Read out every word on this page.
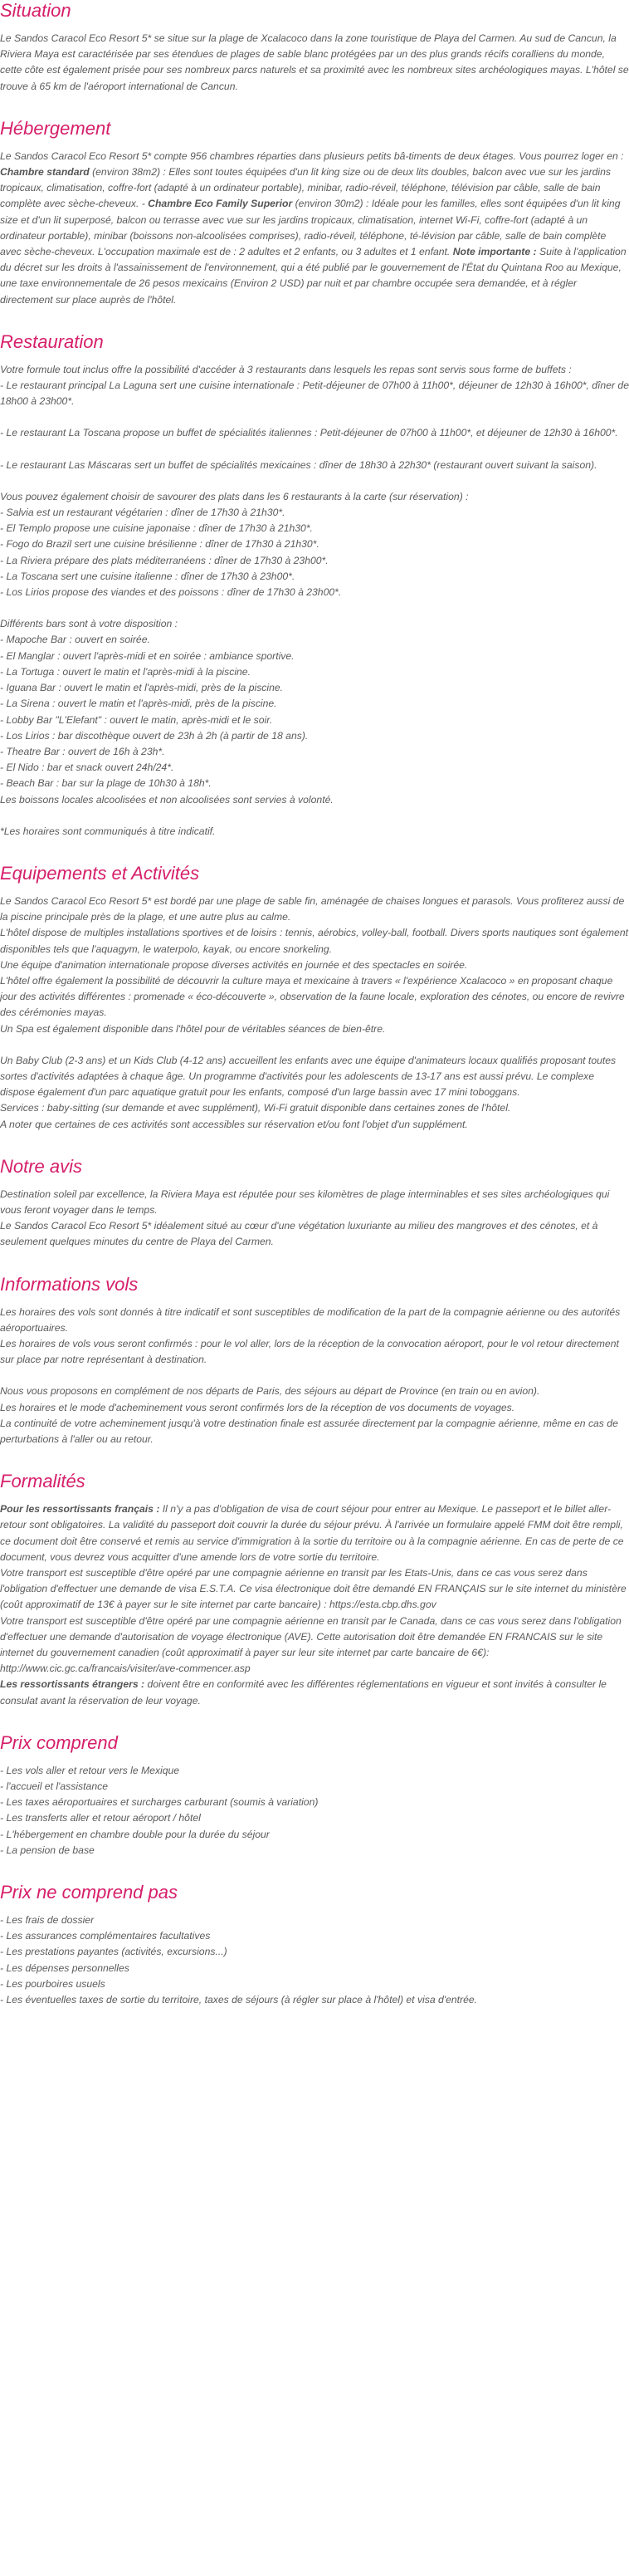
Situation

Le Sandos Caracol Eco Resort 5* se situe sur la plage de Xcalacoco dans la zone touristique de Playa del Carmen. Au sud de Cancun, la Riviera Maya est caractérisée par ses étendues de plages de sable blanc protégées par un des plus grands récifs coralliens du monde, cette côte est également prisée pour ses nombreux parcs naturels et sa proximité avec les nombreux sites archéologiques mayas. L'hôtel se trouve à 65 km de l'aéroport international de Cancun.

Hébergement

Le Sandos Caracol Eco Resort 5* compte 956 chambres réparties dans plusieurs petits bâ-timents de deux étages. Vous pourrez loger en : Chambre standard (environ 38m2) : Elles sont toutes équipées d'un lit king size ou de deux lits doubles, balcon avec vue sur les jardins tropicaux, climatisation, coffre-fort (adapté à un ordinateur portable), minibar, radio-réveil, téléphone, télévision par câble, salle de bain complète avec sèche-cheveux. - Chambre Eco Family Superior (environ 30m2) : Idéale pour les familles, elles sont équipées d'un lit king size et d'un lit superposé, balcon ou terrasse avec vue sur les jardins tropicaux, climatisation, internet Wi-Fi, coffre-fort (adapté à un ordinateur portable), minibar (boissons non-alcoolisées comprises), radio-réveil, téléphone, té-lévision par câble, salle de bain complète avec sèche-cheveux. L'occupation maximale est de : 2 adultes et 2 enfants, ou 3 adultes et 1 enfant. Note importante : Suite à l'application du décret sur les droits à l'assainissement de l'environnement, qui a été publié par le gouvernement de l'État du Quintana Roo au Mexique, une taxe environnementale de 26 pesos mexicains (Environ 2 USD) par nuit et par chambre occupée sera demandée, et à régler directement sur place auprès de l'hôtel.

Restauration

Votre formule tout inclus offre la possibilité d'accéder à 3 restaurants dans lesquels les repas sont servis sous forme de buffets :

- Le restaurant principal La Laguna sert une cuisine internationale : Petit-déjeuner de 07h00 à 11h00*, déjeuner de 12h30 à 16h00*, dîner de 18h00 à 23h00*.

- Le restaurant La Toscana propose un buffet de spécialités italiennes : Petit-déjeuner de 07h00 à 11h00*, et déjeuner de 12h30 à 16h00*.

- Le restaurant Las Máscaras sert un buffet de spécialités mexicaines : dîner de 18h30 à 22h30* (restaurant ouvert suivant la saison).

Vous pouvez également choisir de savourer des plats dans les 6 restaurants à la carte (sur réservation) :

- Salvia est un restaurant végétarien : dîner de 17h30 à 21h30*.

- El Templo propose une cuisine japonaise : dîner de 17h30 à 21h30*.

- Fogo do Brazil sert une cuisine brésilienne : dîner de 17h30 à 21h30*.

- La Riviera prépare des plats méditerranéens : dîner de 17h30 à 23h00*.

- La Toscana sert une cuisine italienne : dîner de 17h30 à 23h00*.

- Los Lirios propose des viandes et des poissons : dîner de 17h30 à 23h00*.

Différents bars sont à votre disposition :

- Mapoche Bar : ouvert en soirée.

- El Manglar : ouvert l'après-midi et en soirée : ambiance sportive.

- La Tortuga : ouvert le matin et l'après-midi à la piscine.

- Iguana Bar : ouvert le matin et l'après-midi, près de la piscine.

- La Sirena : ouvert le matin et l'après-midi, près de la piscine.

- Lobby Bar "L'Elefant" : ouvert le matin, après-midi et le soir.

- Los Lirios : bar discothèque ouvert de 23h à 2h (à partir de 18 ans).

- Theatre Bar : ouvert de 16h à 23h*.

- El Nido : bar et snack ouvert 24h/24*.

- Beach Bar : bar sur la plage de 10h30 à 18h*.

Les boissons locales alcoolisées et non alcoolisées sont servies à volonté.

*Les horaires sont communiqués à titre indicatif.

Equipements et Activités

Le Sandos Caracol Eco Resort 5* est bordé par une plage de sable fin, aménagée de chaises longues et parasols. Vous profiterez aussi de la piscine principale près de la plage, et une autre plus au calme.

L'hôtel dispose de multiples installations sportives et de loisirs : tennis, aérobics, volley-ball, football. Divers sports nautiques sont également disponibles tels que l'aquagym, le waterpolo, kayak, ou encore snorkeling.

Une équipe d'animation internationale propose diverses activités en journée et des spectacles en soirée.

L'hôtel offre également la possibilité de découvrir la culture maya et mexicaine à travers « l'expérience Xcalacoco » en proposant chaque jour des activités différentes : promenade « éco-découverte », observation de la faune locale, exploration des cénotes, ou encore de revivre des cérémonies mayas.

Un Spa est également disponible dans l'hôtel pour de véritables séances de bien-être.

Un Baby Club (2-3 ans) et un Kids Club (4-12 ans) accueillent les enfants avec une équipe d'animateurs locaux qualifiés proposant toutes sortes d'activités adaptées à chaque âge. Un programme d'activités pour les adolescents de 13-17 ans est aussi prévu. Le complexe dispose également d'un parc aquatique gratuit pour les enfants, composé d'un large bassin avec 17 mini toboggans.

Services : baby-sitting (sur demande et avec supplément), Wi-Fi gratuit disponible dans certaines zones de l'hôtel.

A noter que certaines de ces activités sont accessibles sur réservation et/ou font l'objet d'un supplément.

Notre avis

Destination soleil par excellence, la Riviera Maya est réputée pour ses kilomètres de plage interminables et ses sites archéologiques qui vous feront voyager dans le temps.

Le Sandos Caracol Eco Resort 5* idéalement situé au cœur d'une végétation luxuriante au milieu des mangroves et des cénotes, et à seulement quelques minutes du centre de Playa del Carmen.

Informations vols

Les horaires des vols sont donnés à titre indicatif et sont susceptibles de modification de la part de la compagnie aérienne ou des autorités aéroportuaires.

Les horaires de vols vous seront confirmés : pour le vol aller, lors de la réception de la convocation aéroport, pour le vol retour directement sur place par notre représentant à destination.

Nous vous proposons en complément de nos départs de Paris, des séjours au départ de Province (en train ou en avion).

Les horaires et le mode d'acheminement vous seront confirmés lors de la réception de vos documents de voyages.

La continuité de votre acheminement jusqu'à votre destination finale est assurée directement par la compagnie aérienne, même en cas de perturbations à l'aller ou au retour.

Formalités

Pour les ressortissants français : Il n'y a pas d'obligation de visa de court séjour pour entrer au Mexique. Le passeport et le billet aller-retour sont obligatoires. La validité du passeport doit couvrir la durée du séjour prévu. À l'arrivée un formulaire appelé FMM doit être rempli, ce document doit être conservé et remis au service d'immigration à la sortie du territoire ou à la compagnie aérienne. En cas de perte de ce document, vous devrez vous acquitter d'une amende lors de votre sortie du territoire.

Votre transport est susceptible d'être opéré par une compagnie aérienne en transit par les Etats-Unis, dans ce cas vous serez dans l'obligation d'effectuer une demande de visa E.S.T.A. Ce visa électronique doit être demandé EN FRANÇAIS sur le site internet du ministère (coût approximatif de 13€ à payer sur le site internet par carte bancaire) : https://esta.cbp.dhs.gov

Votre transport est susceptible d'être opéré par une compagnie aérienne en transit par le Canada, dans ce cas vous serez dans l'obligation d'effectuer une demande d'autorisation de voyage électronique (AVE). Cette autorisation doit être demandée EN FRANCAIS sur le site internet du gouvernement canadien (coût approximatif à payer sur leur site internet par carte bancaire de 6€): http://www.cic.gc.ca/francais/visiter/ave-commencer.asp

Les ressortissants étrangers : doivent être en conformité avec les différentes réglementations en vigueur et sont invités à consulter le consulat avant la réservation de leur voyage.

Prix comprend

- Les vols aller et retour vers le Mexique

- l'accueil et l'assistance

- Les taxes aéroportuaires et surcharges carburant (soumis à variation)

- Les transferts aller et retour aéroport / hôtel

- L'hébergement en chambre double pour la durée du séjour

- La pension de base

Prix ne comprend pas

- Les frais de dossier

- Les assurances complémentaires facultatives

- Les prestations payantes (activités, excursions...)

- Les dépenses personnelles

- Les pourboires usuels

- Les éventuelles taxes de sortie du territoire, taxes de séjours (à régler sur place à l'hôtel) et visa d'entrée.
